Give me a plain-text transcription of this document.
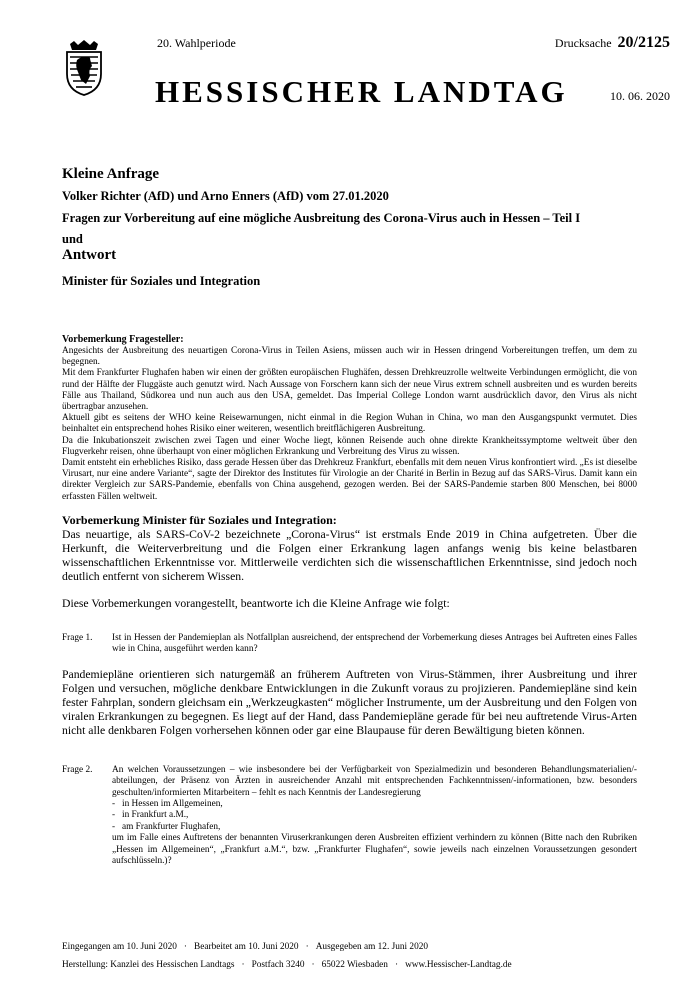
20. Wahlperiode	Drucksache 20/2125
HESSISCHER LANDTAG	10. 06. 2020
Kleine Anfrage
Volker Richter (AfD) und Arno Enners (AfD) vom 27.01.2020
Fragen zur Vorbereitung auf eine mögliche Ausbreitung des Corona-Virus auch in Hessen – Teil I
und
Antwort
Minister für Soziales und Integration
Vorbemerkung Fragesteller:

Angesichts der Ausbreitung des neuartigen Corona-Virus in Teilen Asiens, müssen auch wir in Hessen dringend Vorbereitungen treffen, um dem zu begegnen.

Mit dem Frankfurter Flughafen haben wir einen der größten europäischen Flughäfen, dessen Drehkreuzrolle weltweite Verbindungen ermöglicht, die von rund der Hälfte der Fluggäste auch genutzt wird. Nach Aussage von Forschern kann sich der neue Virus extrem schnell ausbreiten und es wurden bereits Fälle aus Thailand, Südkorea und nun auch aus den USA, gemeldet. Das Imperial College London warnt ausdrücklich davor, den Virus als nicht übertragbar anzusehen.

Aktuell gibt es seitens der WHO keine Reisewarnungen, nicht einmal in die Region Wuhan in China, wo man den Ausgangspunkt vermutet. Dies beinhaltet ein entsprechend hohes Risiko einer weiteren, wesentlich breitflächigeren Ausbreitung.

Da die Inkubationszeit zwischen zwei Tagen und einer Woche liegt, können Reisende auch ohne direkte Krankheitssymptome weltweit über den Flugverkehr reisen, ohne überhaupt von einer möglichen Erkrankung und Verbreitung des Virus zu wissen.

Damit entsteht ein erhebliches Risiko, dass gerade Hessen über das Drehkreuz Frankfurt, ebenfalls mit dem neuen Virus konfrontiert wird. „Es ist dieselbe Virusart, nur eine andere Variante“, sagte der Direktor des Institutes für Virologie an der Charité in Berlin in Bezug auf das SARS-Virus. Damit kann ein direkter Vergleich zur SARS-Pandemie, ebenfalls von China ausgehend, gezogen werden. Bei der SARS-Pandemie starben 800 Menschen, bei 8000 erfassten Fällen weltweit.

Vorbemerkung Minister für Soziales und Integration:

Das neuartige, als SARS-CoV-2 bezeichnete „Corona-Virus“ ist erstmals Ende 2019 in China aufgetreten. Über die Herkunft, die Weiterverbreitung und die Folgen einer Erkrankung lagen anfangs wenig bis keine belastbaren wissenschaftlichen Erkenntnisse vor. Mittlerweile verdichten sich die wissenschaftlichen Erkenntnisse, sind jedoch noch deutlich entfernt von sicherem Wissen.

Diese Vorbemerkungen vorangestellt, beantworte ich die Kleine Anfrage wie folgt:

Frage 1.	Ist in Hessen der Pandemieplan als Notfallplan ausreichend, der entsprechend der Vorbemerkung dieses Antrages bei Auftreten eines Falles wie in China, ausgeführt werden kann?

Pandemiepläne orientieren sich naturgemäß an früherem Auftreten von Virus-Stämmen, ihrer Ausbreitung und ihrer Folgen und versuchen, mögliche denkbare Entwicklungen in die Zukunft voraus zu projizieren. Pandemiepläne sind kein fester Fahrplan, sondern gleichsam ein „Werkzeugkasten“ möglicher Instrumente, um der Ausbreitung und den Folgen von viralen Erkrankungen zu begegnen. Es liegt auf der Hand, dass Pandemiepläne gerade für bei neu auftretende Virus-Arten nicht alle denkbaren Folgen vorhersehen können oder gar eine Blaupause für deren Bewältigung bieten können.

Frage 2.	An welchen Voraussetzungen – wie insbesondere bei der Verfügbarkeit von Spezialmedizin und besonderen Behandlungsmaterialien/-abteilungen, der Präsenz von Ärzten in ausreichender Anzahl mit entsprechenden Fachkenntnissen/-informationen, bzw. besonders geschulten/informierten Mitarbeitern – fehlt es nach Kenntnis der Landesregierung
- in Hessen im Allgemeinen,
- in Frankfurt a.M.,
- am Frankfurter Flughafen,
um im Falle eines Auftretens der benannten Viruserkrankungen deren Ausbreiten effizient verhindern zu können (Bitte nach den Rubriken „Hessen im Allgemeinen“, „Frankfurt a.M.“, bzw. „Frankfurter Flughafen“, sowie jeweils nach einzelnen Voraussetzungen gesondert aufschlüsseln.)?
Eingegangen am 10. Juni 2020 · Bearbeitet am 10. Juni 2020 · Ausgegeben am 12. Juni 2020
Herstellung: Kanzlei des Hessischen Landtags · Postfach 3240 · 65022 Wiesbaden · www.Hessischer-Landtag.de
